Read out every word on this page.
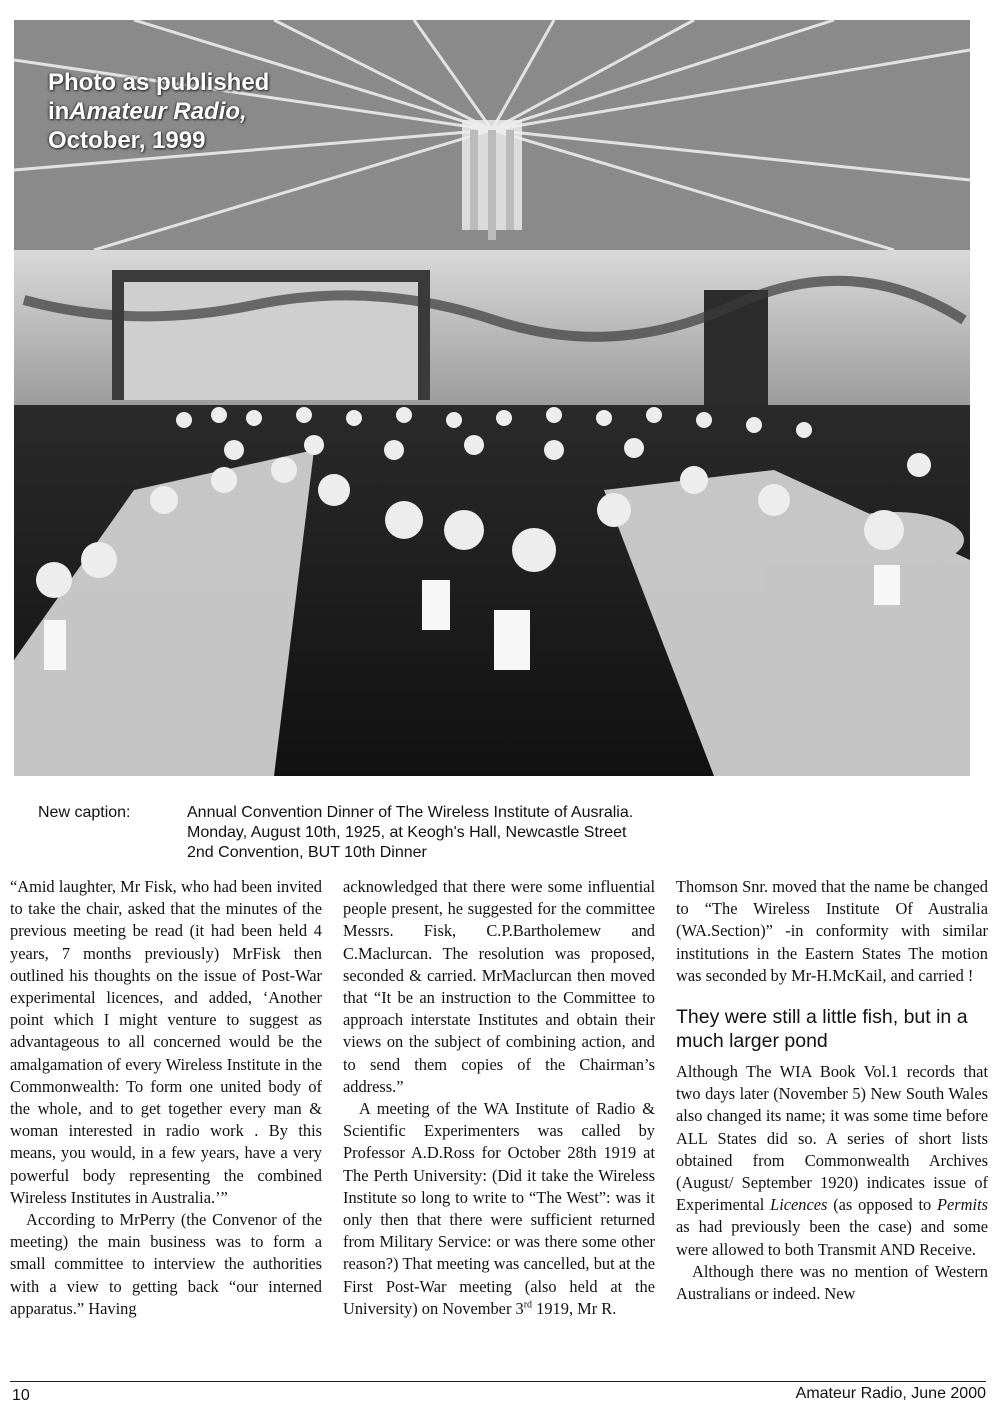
Photo as published
inAmateur Radio,
October, 1999
New caption:	Annual Convention Dinner of The Wireless Institute of Ausralia.
Monday, August 10th, 1925, at Keogh's Hall, Newcastle Street
2nd Convention, BUT 10th Dinner

“Amid laughter, Mr Fisk, who had been invited to take the chair, asked that the minutes of the previous meeting be read (it had been held 4 years, 7 months previously) MrFisk then outlined his thoughts on the issue of Post-War experimental licences, and added, ‘Another point which I might venture to suggest as advantageous to all concerned would be the amalgamation of every Wireless Institute in the Commonwealth: To form one united body of the whole, and to get together every man & woman interested in radio work . By this means, you would, in a few years, have a very powerful body representing the combined Wireless Institutes in Australia.’”

According to MrPerry (the Convenor of the meeting) the main business was to form a small committee to interview the authorities with a view to getting back “our interned apparatus.” Having

acknowledged that there were some influential people present, he suggested for the committee Messrs. Fisk, C.P.Bartholemew and C.Maclurcan. The resolution was proposed, seconded & carried. MrMaclurcan then moved that “It be an instruction to the Committee to approach interstate Institutes and obtain their views on the subject of combining action, and to send them copies of the Chairman’s address.”

A meeting of the WA Institute of Radio & Scientific Experimenters was called by Professor A.D.Ross for October 28th 1919 at The Perth University: (Did it take the Wireless Institute so long to write to “The West”: was it only then that there were sufficient returned from Military Service: or was there some other reason?) That meeting was cancelled, but at the First Post-War meeting (also held at the University) on November 3rd 1919, Mr R.

Thomson Snr. moved that the name be changed to “The Wireless Institute Of Australia (WA.Section)” -in conformity with similar institutions in the Eastern States The motion was seconded by Mr-H.McKail, and carried !

They were still a little fish, but in a much larger pond

Although The WIA Book Vol.1 records that two days later (November 5) New South Wales also changed its name; it was some time before ALL States did so. A series of short lists obtained from Commonwealth Archives (August/ September 1920) indicates issue of Experimental Licences (as opposed to Permits as had previously been the case) and some were allowed to both Transmit AND Receive.

Although there was no mention of Western Australians or indeed. New

10	Amateur Radio, June 2000
